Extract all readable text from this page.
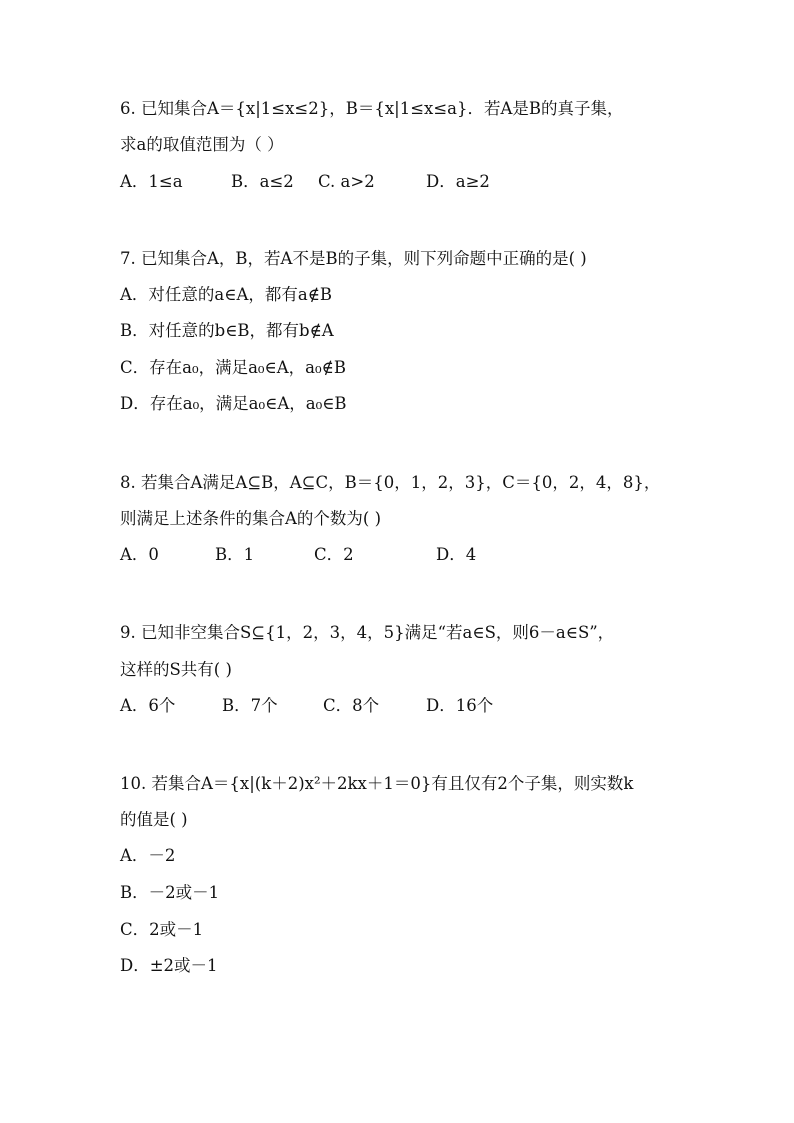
6. 已知集合A＝{x|1≤x≤2}，B＝{x|1≤x≤a}．若A是B的真子集，
求a的取值范围为（ ）
A．1≤a	B．a≤2 C. a>2	D．a≥2
7. 已知集合A，B，若A不是B的子集，则下列命题中正确的是( )
A．对任意的a∈A，都有a∉B
B．对任意的b∈B，都有b∉A
C．存在a₀，满足a₀∈A，a₀∉B
D．存在a₀，满足a₀∈A，a₀∈B
8. 若集合A满足A⊆B，A⊆C，B＝{0，1，2，3}，C＝{0，2，4，8}，
则满足上述条件的集合A的个数为( )
A．0	B．1	C．2	D．4
9. 已知非空集合S⊆{1，2，3，4，5}满足“若a∈S，则6－a∈S”，
这样的S共有( )
A．6个	B．7个	C．8个	D．16个
10. 若集合A＝{x|(k＋2)x²＋2kx＋1＝0}有且仅有2个子集，则实数k
的值是( )
A．－2
B．－2或－1
C．2或－1
D．±2或－1
